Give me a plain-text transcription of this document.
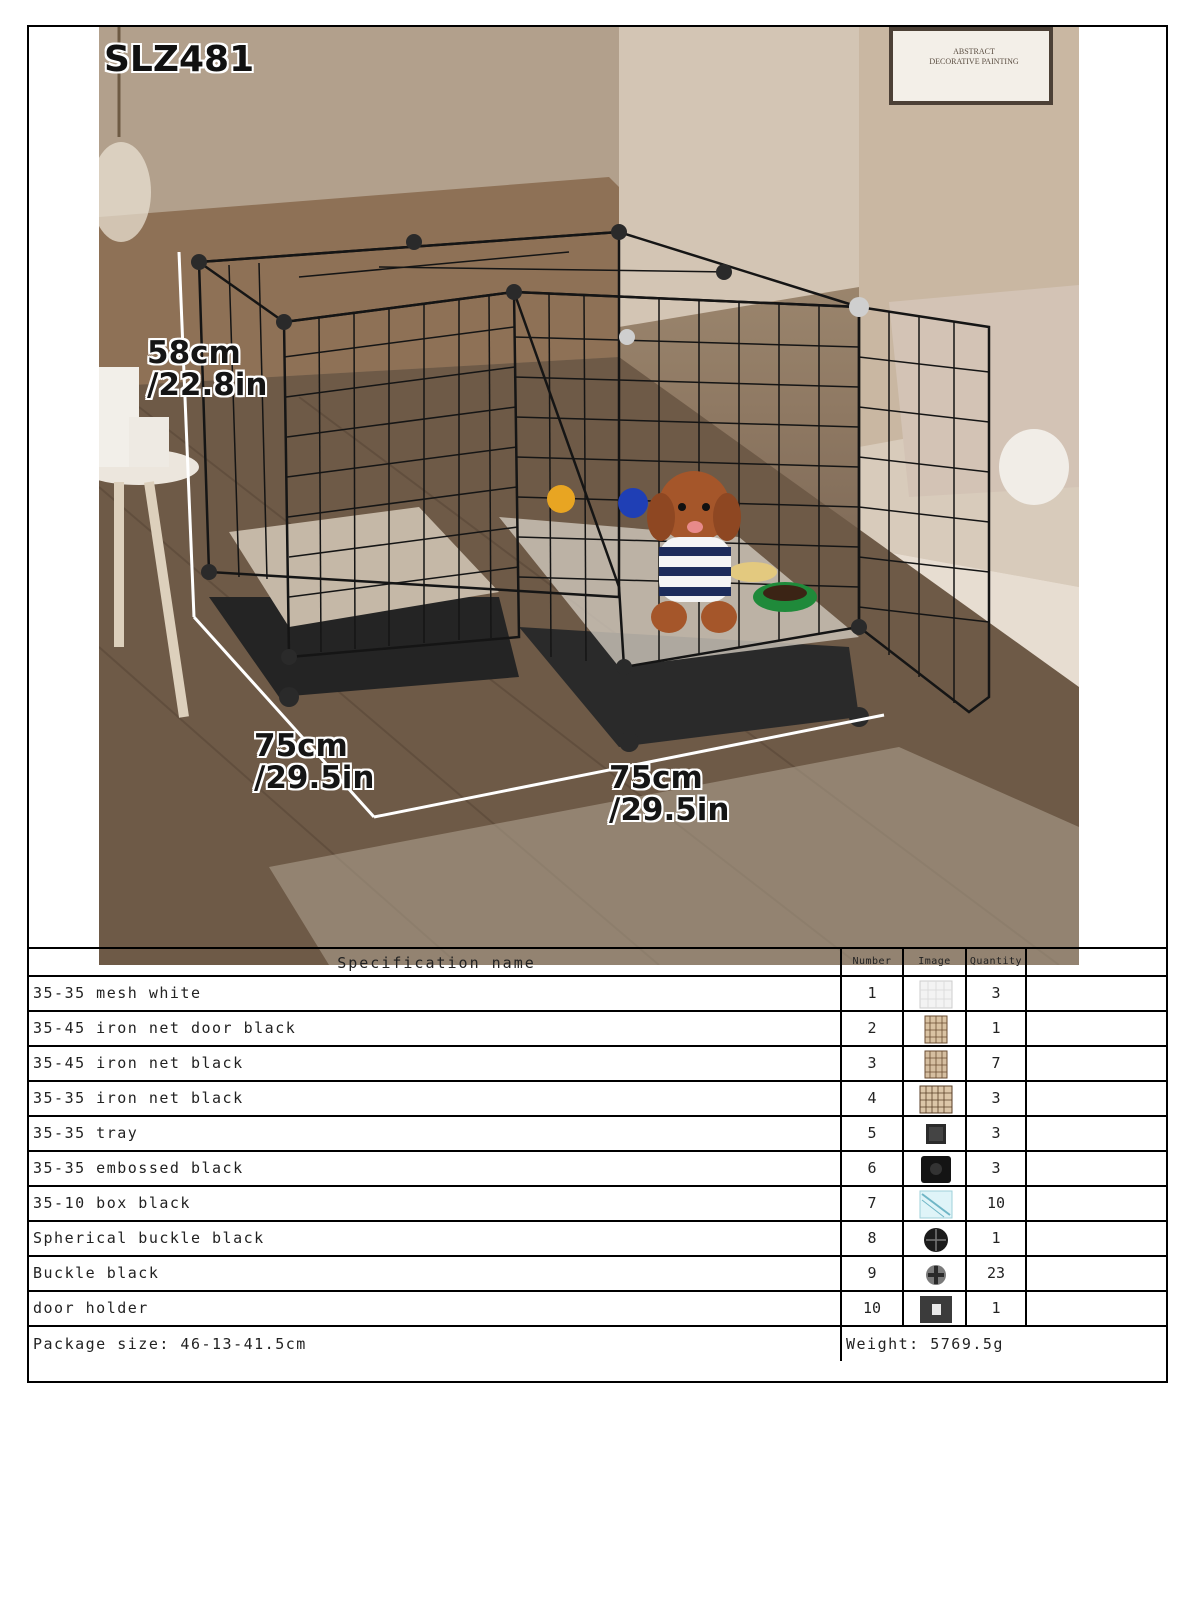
SLZ481
58cm
/22.8in
75cm
/29.5in	75cm
/29.5in
ABSTRACT
DECORATIVE PAINTING
Specification name	Number	Image	Quantity
35-35 mesh white	1	3
35-45 iron net door black	2	1
35-45 iron net black	3	7
35-35 iron net black	4	3
35-35 tray	5	3
35-35 embossed black	6	3
35-10 box black	7	10
Spherical buckle black	8	1
Buckle black	9	23
door holder	10	1
Package size: 46-13-41.5cm	Weight: 5769.5g
